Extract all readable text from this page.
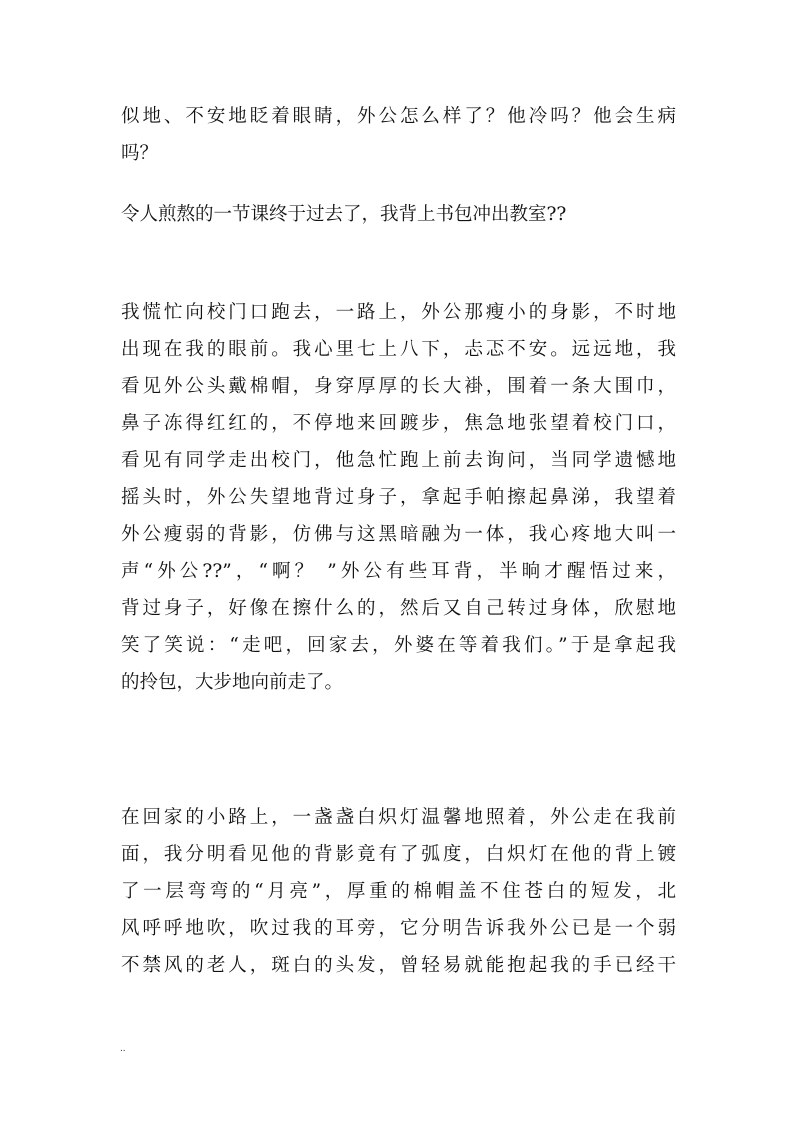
似地、不安地眨着眼睛，外公怎么样了？他冷吗？他会生病
吗？
令人煎熬的一节课终于过去了，我背上书包冲出教室??
我慌忙向校门口跑去，一路上，外公那瘦小的身影，不时地
出现在我的眼前。我心里七上八下，忐忑不安。远远地，我
看见外公头戴棉帽，身穿厚厚的长大褂，围着一条大围巾，
鼻子冻得红红的，不停地来回踱步，焦急地张望着校门口，
看见有同学走出校门，他急忙跑上前去询问，当同学遗憾地
摇头时，外公失望地背过身子，拿起手帕擦起鼻涕，我望着
外公瘦弱的背影，仿佛与这黑暗融为一体，我心疼地大叫一
声“外公??”，“啊？ ”外公有些耳背，半晌才醒悟过来，
背过身子，好像在擦什么的，然后又自己转过身体，欣慰地
笑了笑说：“走吧，回家去，外婆在等着我们。”于是拿起我
的拎包，大步地向前走了。
在回家的小路上，一盏盏白炽灯温馨地照着，外公走在我前
面，我分明看见他的背影竟有了弧度，白炽灯在他的背上镀
了一层弯弯的“月亮”，厚重的棉帽盖不住苍白的短发，北
风呼呼地吹，吹过我的耳旁，它分明告诉我外公已是一个弱
不禁风的老人，斑白的头发，曾轻易就能抱起我的手已经干
..
